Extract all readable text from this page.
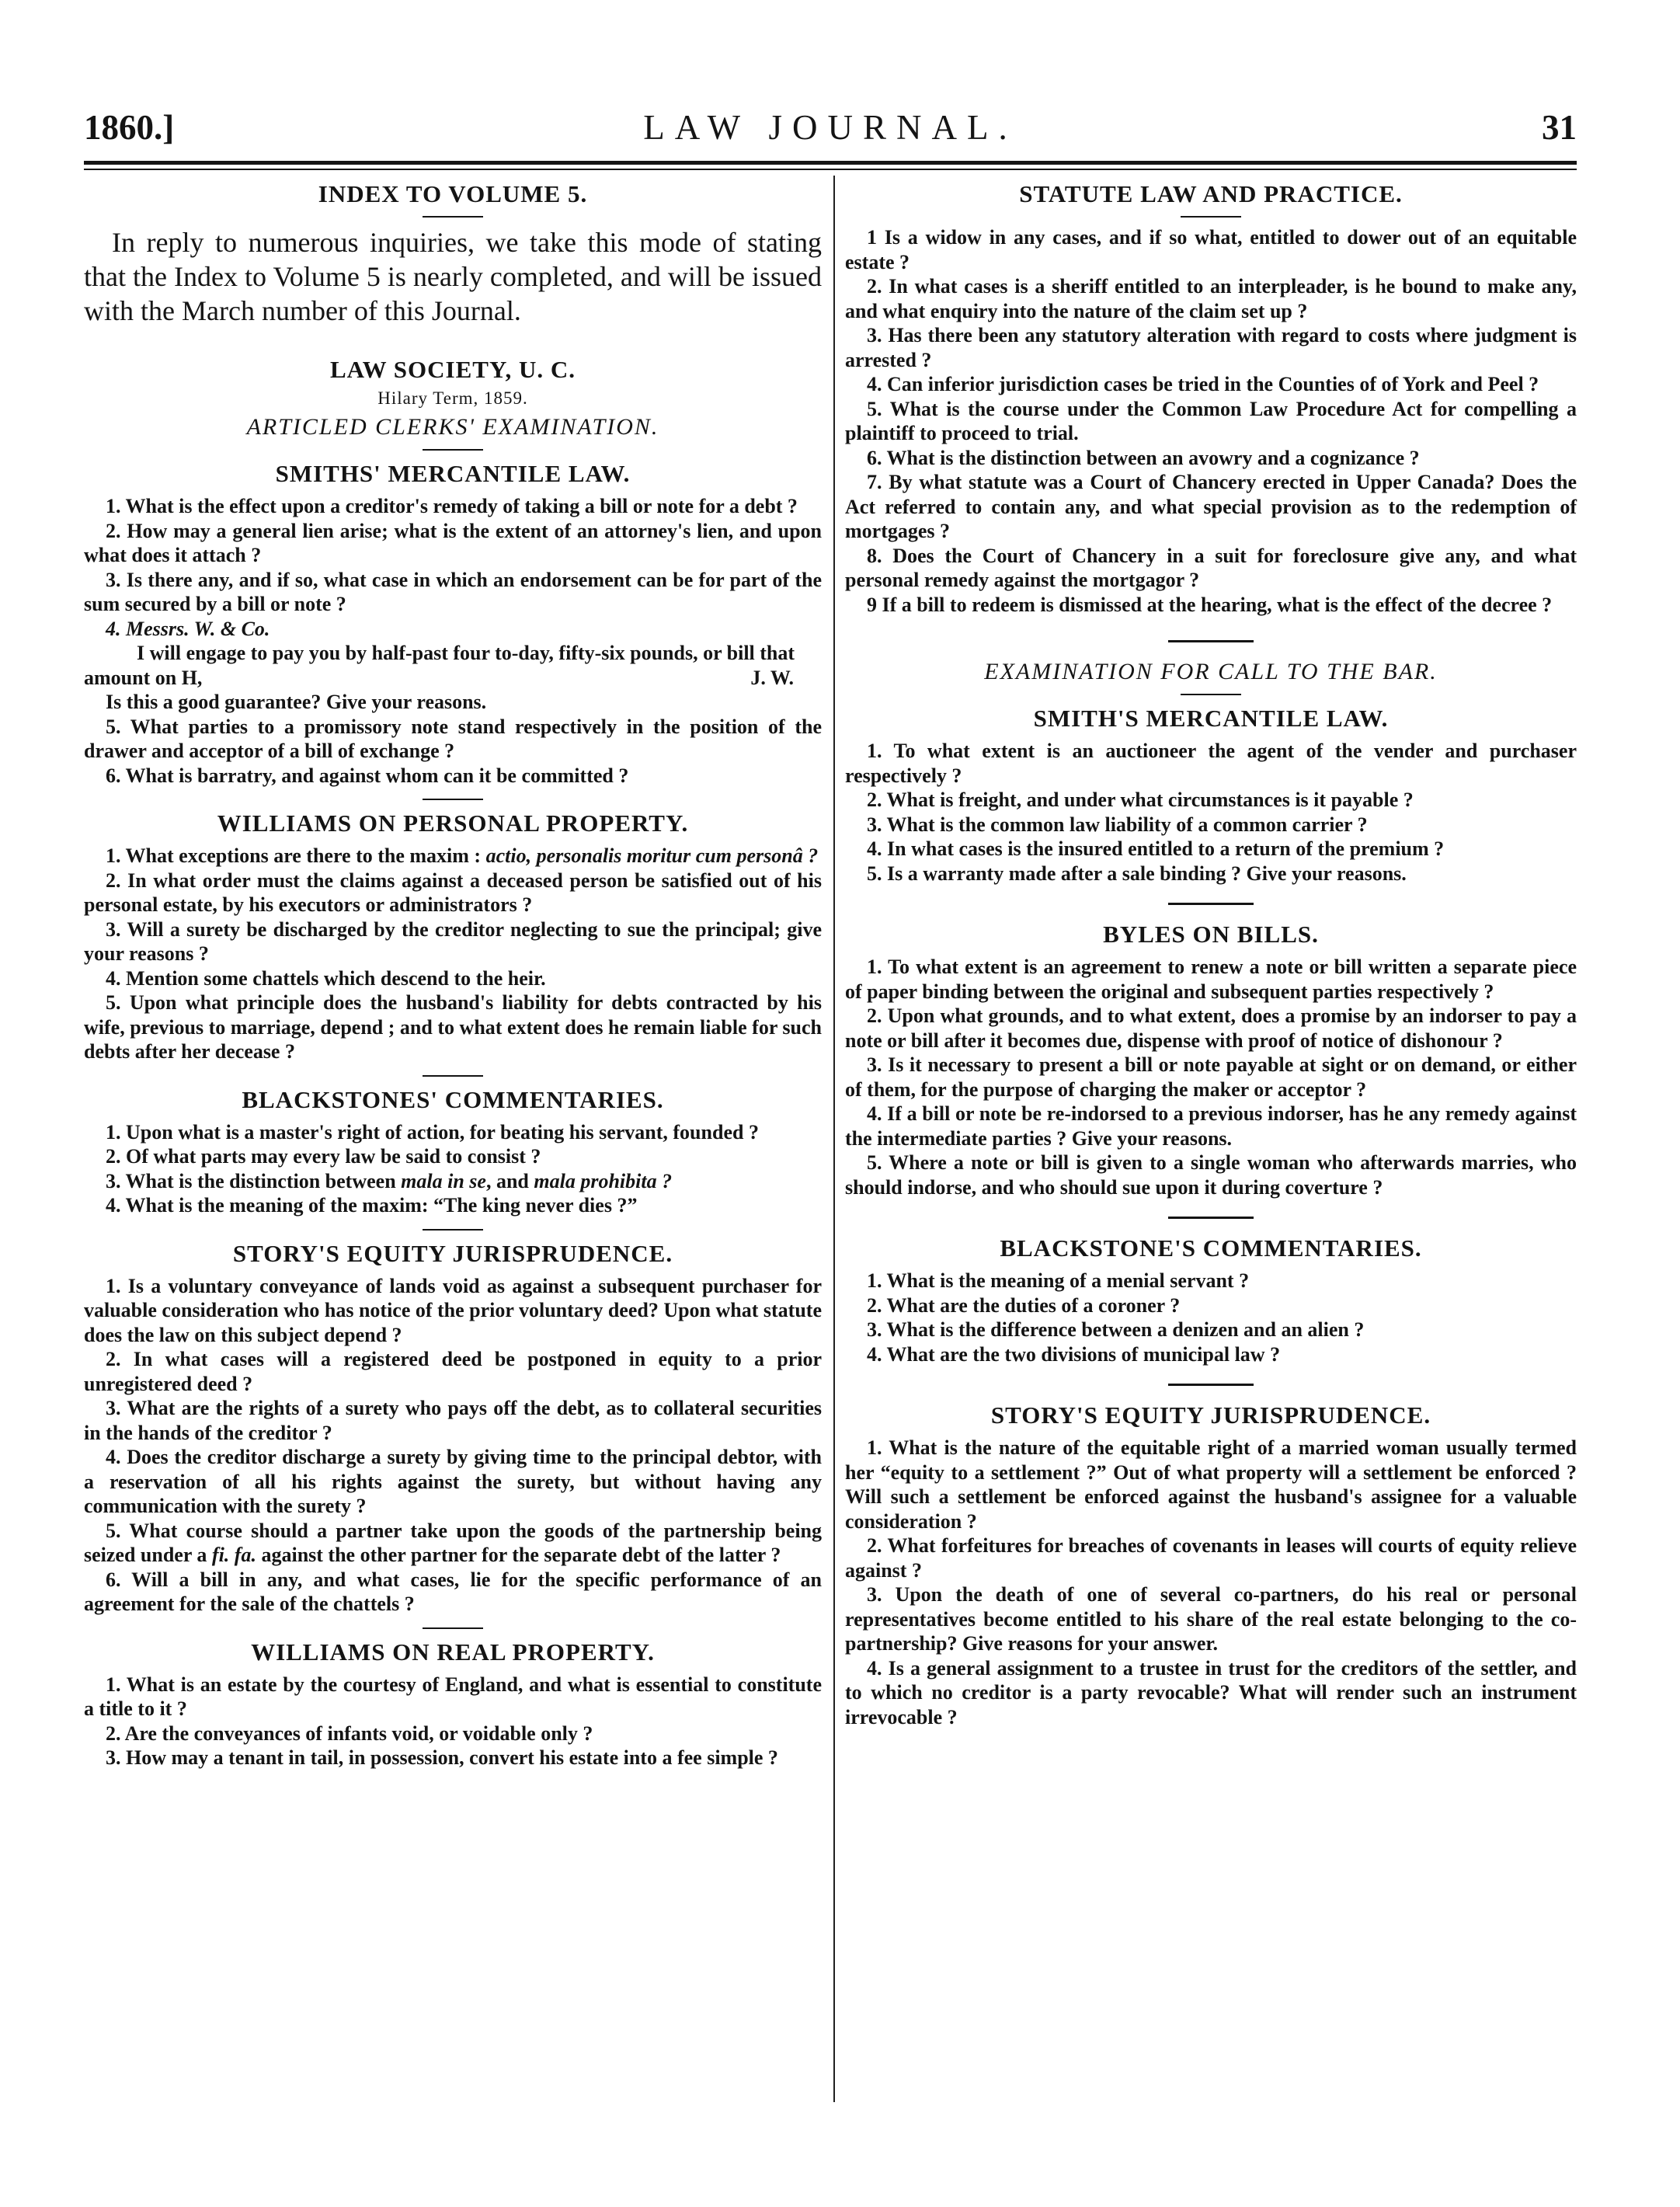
1860.]	LAW JOURNAL.	31
INDEX TO VOLUME 5.

In reply to numerous inquiries, we take this mode of stating that the Index to Volume 5 is nearly completed, and will be issued with the March number of this Journal.

LAW SOCIETY, U. C.
Hilary Term, 1859.
ARTICLED CLERKS' EXAMINATION.
SMITHS' MERCANTILE LAW.

1. What is the effect upon a creditor's remedy of taking a bill or note for a debt ?

2. How may a general lien arise; what is the extent of an attorney's lien, and upon what does it attach ?

3. Is there any, and if so, what case in which an endorsement can be for part of the sum secured by a bill or note ?

4. Messrs. W. & Co.

I will engage to pay you by half-past four to-day, fifty-six pounds, or bill that amount on H,	J. W.

Is this a good guarantee? Give your reasons.

5. What parties to a promissory note stand respectively in the position of the drawer and acceptor of a bill of exchange ?

6. What is barratry, and against whom can it be committed ?

WILLIAMS ON PERSONAL PROPERTY.

1. What exceptions are there to the maxim : actio, personalis moritur cum personâ ?

2. In what order must the claims against a deceased person be satisfied out of his personal estate, by his executors or administrators ?

3. Will a surety be discharged by the creditor neglecting to sue the principal; give your reasons ?

4. Mention some chattels which descend to the heir.

5. Upon what principle does the husband's liability for debts contracted by his wife, previous to marriage, depend ; and to what extent does he remain liable for such debts after her decease ?

BLACKSTONES' COMMENTARIES.

1. Upon what is a master's right of action, for beating his servant, founded ?

2. Of what parts may every law be said to consist ?

3. What is the distinction between mala in se, and mala prohibita ?

4. What is the meaning of the maxim: “The king never dies ?”

STORY'S EQUITY JURISPRUDENCE.

1. Is a voluntary conveyance of lands void as against a subsequent purchaser for valuable consideration who has notice of the prior voluntary deed? Upon what statute does the law on this subject depend ?

2. In what cases will a registered deed be postponed in equity to a prior unregistered deed ?

3. What are the rights of a surety who pays off the debt, as to collateral securities in the hands of the creditor ?

4. Does the creditor discharge a surety by giving time to the principal debtor, with a reservation of all his rights against the surety, but without having any communication with the surety ?

5. What course should a partner take upon the goods of the partnership being seized under a fi. fa. against the other partner for the separate debt of the latter ?

6. Will a bill in any, and what cases, lie for the specific performance of an agreement for the sale of the chattels ?

WILLIAMS ON REAL PROPERTY.

1. What is an estate by the courtesy of England, and what is essential to constitute a title to it ?

2. Are the conveyances of infants void, or voidable only ?

3. How may a tenant in tail, in possession, convert his estate into a fee simple ?

STATUTE LAW AND PRACTICE.

1 Is a widow in any cases, and if so what, entitled to dower out of an equitable estate ?

2. In what cases is a sheriff entitled to an interpleader, is he bound to make any, and what enquiry into the nature of the claim set up ?

3. Has there been any statutory alteration with regard to costs where judgment is arrested ?

4. Can inferior jurisdiction cases be tried in the Counties of of York and Peel ?

5. What is the course under the Common Law Procedure Act for compelling a plaintiff to proceed to trial.

6. What is the distinction between an avowry and a cognizance ?

7. By what statute was a Court of Chancery erected in Upper Canada? Does the Act referred to contain any, and what special provision as to the redemption of mortgages ?

8. Does the Court of Chancery in a suit for foreclosure give any, and what personal remedy against the mortgagor ?

9 If a bill to redeem is dismissed at the hearing, what is the effect of the decree ?

EXAMINATION FOR CALL TO THE BAR.
SMITH'S MERCANTILE LAW.

1. To what extent is an auctioneer the agent of the vender and purchaser respectively ?

2. What is freight, and under what circumstances is it payable ?

3. What is the common law liability of a common carrier ?

4. In what cases is the insured entitled to a return of the premium ?

5. Is a warranty made after a sale binding ? Give your reasons.

BYLES ON BILLS.

1. To what extent is an agreement to renew a note or bill written a separate piece of paper binding between the original and subsequent parties respectively ?

2. Upon what grounds, and to what extent, does a promise by an indorser to pay a note or bill after it becomes due, dispense with proof of notice of dishonour ?

3. Is it necessary to present a bill or note payable at sight or on demand, or either of them, for the purpose of charging the maker or acceptor ?

4. If a bill or note be re-indorsed to a previous indorser, has he any remedy against the intermediate parties ? Give your reasons.

5. Where a note or bill is given to a single woman who afterwards marries, who should indorse, and who should sue upon it during coverture ?

BLACKSTONE'S COMMENTARIES.

1. What is the meaning of a menial servant ?

2. What are the duties of a coroner ?

3. What is the difference between a denizen and an alien ?

4. What are the two divisions of municipal law ?

STORY'S EQUITY JURISPRUDENCE.

1. What is the nature of the equitable right of a married woman usually termed her “equity to a settlement ?” Out of what property will a settlement be enforced ? Will such a settlement be enforced against the husband's assignee for a valuable consideration ?

2. What forfeitures for breaches of covenants in leases will courts of equity relieve against ?

3. Upon the death of one of several co-partners, do his real or personal representatives become entitled to his share of the real estate belonging to the co-partnership? Give reasons for your answer.

4. Is a general assignment to a trustee in trust for the creditors of the settler, and to which no creditor is a party revocable? What will render such an instrument irrevocable ?
